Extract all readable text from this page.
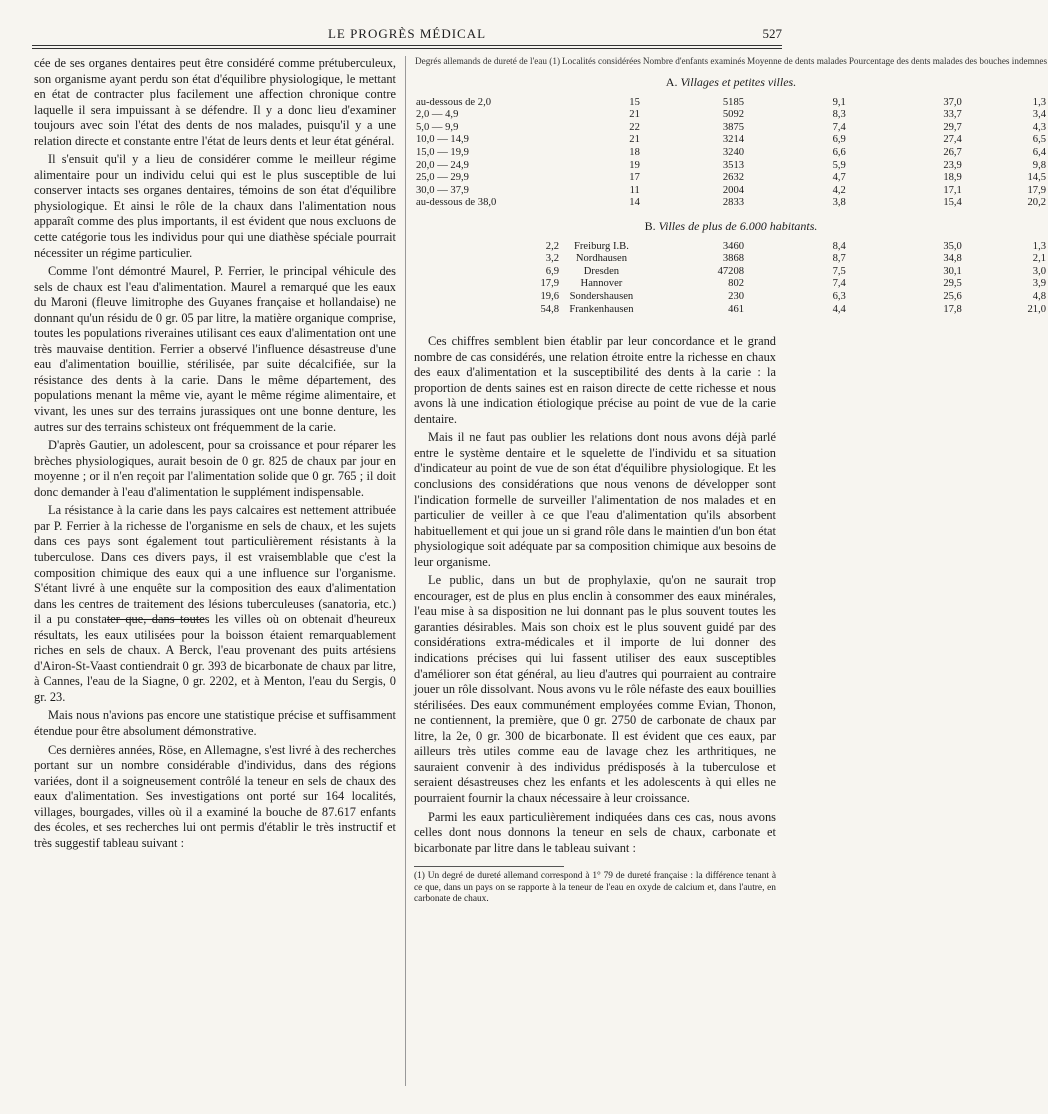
LE PROGRÈS MÉDICAL	527

cée de ses organes dentaires peut être considéré comme prétuberculeux, son organisme ayant perdu son état d'équilibre physiologique, le mettant en état de contracter plus facilement une affection chronique contre laquelle il sera impuissant à se défendre. Il y a donc lieu d'examiner toujours avec soin l'état des dents de nos malades, puisqu'il y a une relation directe et constante entre l'état de leurs dents et leur état général.

Il s'ensuit qu'il y a lieu de considérer comme le meilleur régime alimentaire pour un individu celui qui est le plus susceptible de lui conserver intacts ses organes dentaires, témoins de son état d'équilibre physiologique. Et ainsi le rôle de la chaux dans l'alimentation nous apparaît comme des plus importants, il est évident que nous excluons de cette catégorie tous les individus pour qui une diathèse spéciale pourrait nécessiter un régime particulier.

Comme l'ont démontré Maurel, P. Ferrier, le principal véhicule des sels de chaux est l'eau d'alimentation. Maurel a remarqué que les eaux du Maroni (fleuve limitrophe des Guyanes française et hollandaise) ne donnant qu'un résidu de 0 gr. 05 par litre, la matière organique comprise, toutes les populations riveraines utilisant ces eaux d'alimentation ont une très mauvaise dentition. Ferrier a observé l'influence désastreuse d'une eau d'alimentation bouillie, stérilisée, par suite décalcifiée, sur la résistance des dents à la carie. Dans le même département, des populations menant la même vie, ayant le même régime alimentaire, et vivant, les unes sur des terrains jurassiques ont une bonne denture, les autres sur des terrains schisteux ont fréquemment de la carie.

D'après Gautier, un adolescent, pour sa croissance et pour réparer les brèches physiologiques, aurait besoin de 0 gr. 825 de chaux par jour en moyenne ; or il n'en reçoit par l'alimentation solide que 0 gr. 765 ; il doit donc demander à l'eau d'alimentation le supplément indispensable.

La résistance à la carie dans les pays calcaires est nettement attribuée par P. Ferrier à la richesse de l'organisme en sels de chaux, et les sujets dans ces pays sont également tout particulièrement résistants à la tuberculose. Dans ces divers pays, il est vraisemblable que c'est la composition chimique des eaux qui a une influence sur l'organisme. S'étant livré à une enquête sur la composition des eaux d'alimentation dans les centres de traitement des lésions tuberculeuses (sanatoria, etc.) il a pu constater que, dans toutes les villes où on obtenait d'heureux résultats, les eaux utilisées pour la boisson étaient remarquablement riches en sels de chaux. A Berck, l'eau provenant des puits artésiens d'Airon-St-Vaast contiendrait 0 gr. 393 de bicarbonate de chaux par litre, à Cannes, l'eau de la Siagne, 0 gr. 2202, et à Menton, l'eau du Sergis, 0 gr. 23.

Mais nous n'avions pas encore une statistique précise et suffisamment étendue pour être absolument démonstrative.

Ces dernières années, Röse, en Allemagne, s'est livré à des recherches portant sur un nombre considérable d'individus, dans des régions variées, dont il a soigneusement contrôlé la teneur en sels de chaux des eaux d'alimentation. Ses investigations ont porté sur 164 localités, villages, bourgades, villes où il a examiné la bouche de 87.617 enfants des écoles, et ses recherches lui ont permis d'établir le très instructif et très suggestif tableau suivant :

Degrés allemands de dureté de l'eau (1)	Localités considérées	Nombre d'enfants examinés	Moyenne de dents malades	Pourcentage des dents malades	des bouches indemnes
A. Villages et petites villes.					
au-dessous de 2,0	15	5185	9,1	37,0	1,3
2,0 — 4,9	21	5092	8,3	33,7	3,4
5,0 — 9,9	22	3875	7,4	29,7	4,3
10,0 — 14,9	21	3214	6,9	27,4	6,5
15,0 — 19,9	18	3240	6,6	26,7	6,4
20,0 — 24,9	19	3513	5,9	23,9	9,8
25,0 — 29,9	17	2632	4,7	18,9	14,5
30,0 — 37,9	11	2004	4,2	17,1	17,9
au-dessous de 38,0	14	2833	3,8	15,4	20,2
B. Villes de plus de 6.000 habitants.					
2,2	Freiburg I.B.	3460	8,4	35,0	1,3
3,2	Nordhausen	3868	8,7	34,8	2,1
6,9	Dresden	47208	7,5	30,1	3,0
17,9	Hannover	802	7,4	29,5	3,9
19,6	Sondershausen	230	6,3	25,6	4,8
54,8	Frankenhausen	461	4,4	17,8	21,0

Ces chiffres semblent bien établir par leur concordance et le grand nombre de cas considérés, une relation étroite entre la richesse en chaux des eaux d'alimentation et la susceptibilité des dents à la carie : la proportion de dents saines est en raison directe de cette richesse et nous avons là une indication étiologique précise au point de vue de la carie dentaire.

Mais il ne faut pas oublier les relations dont nous avons déjà parlé entre le système dentaire et le squelette de l'individu et sa situation d'indicateur au point de vue de son état d'équilibre physiologique. Et les conclusions des considérations que nous venons de développer sont l'indication formelle de surveiller l'alimentation de nos malades et en particulier de veiller à ce que l'eau d'alimentation qu'ils absorbent habituellement et qui joue un si grand rôle dans le maintien d'un bon état physiologique soit adéquate par sa composition chimique aux besoins de leur organisme.

Le public, dans un but de prophylaxie, qu'on ne saurait trop encourager, est de plus en plus enclin à consommer des eaux minérales, l'eau mise à sa disposition ne lui donnant pas le plus souvent toutes les garanties désirables. Mais son choix est le plus souvent guidé par des considérations extra-médicales et il importe de lui donner des indications précises qui lui fassent utiliser des eaux susceptibles d'améliorer son état général, au lieu d'autres qui pourraient au contraire jouer un rôle dissolvant. Nous avons vu le rôle néfaste des eaux bouillies stérilisées. Des eaux communément employées comme Evian, Thonon, ne contiennent, la première, que 0 gr. 2750 de carbonate de chaux par litre, la 2e, 0 gr. 300 de bicarbonate. Il est évident que ces eaux, par ailleurs très utiles comme eau de lavage chez les arthritiques, ne sauraient convenir à des individus prédisposés à la tuberculose et seraient désastreuses chez les enfants et les adolescents à qui elles ne pourraient fournir la chaux nécessaire à leur croissance.

Parmi les eaux particulièrement indiquées dans ces cas, nous avons celles dont nous donnons la teneur en sels de chaux, carbonate et bicarbonate par litre dans le tableau suivant :

(1) Un degré de dureté allemand correspond à 1° 79 de dureté française : la différence tenant à ce que, dans un pays on se rapporte à la teneur de l'eau en oxyde de calcium et, dans l'autre, en carbonate de chaux.
